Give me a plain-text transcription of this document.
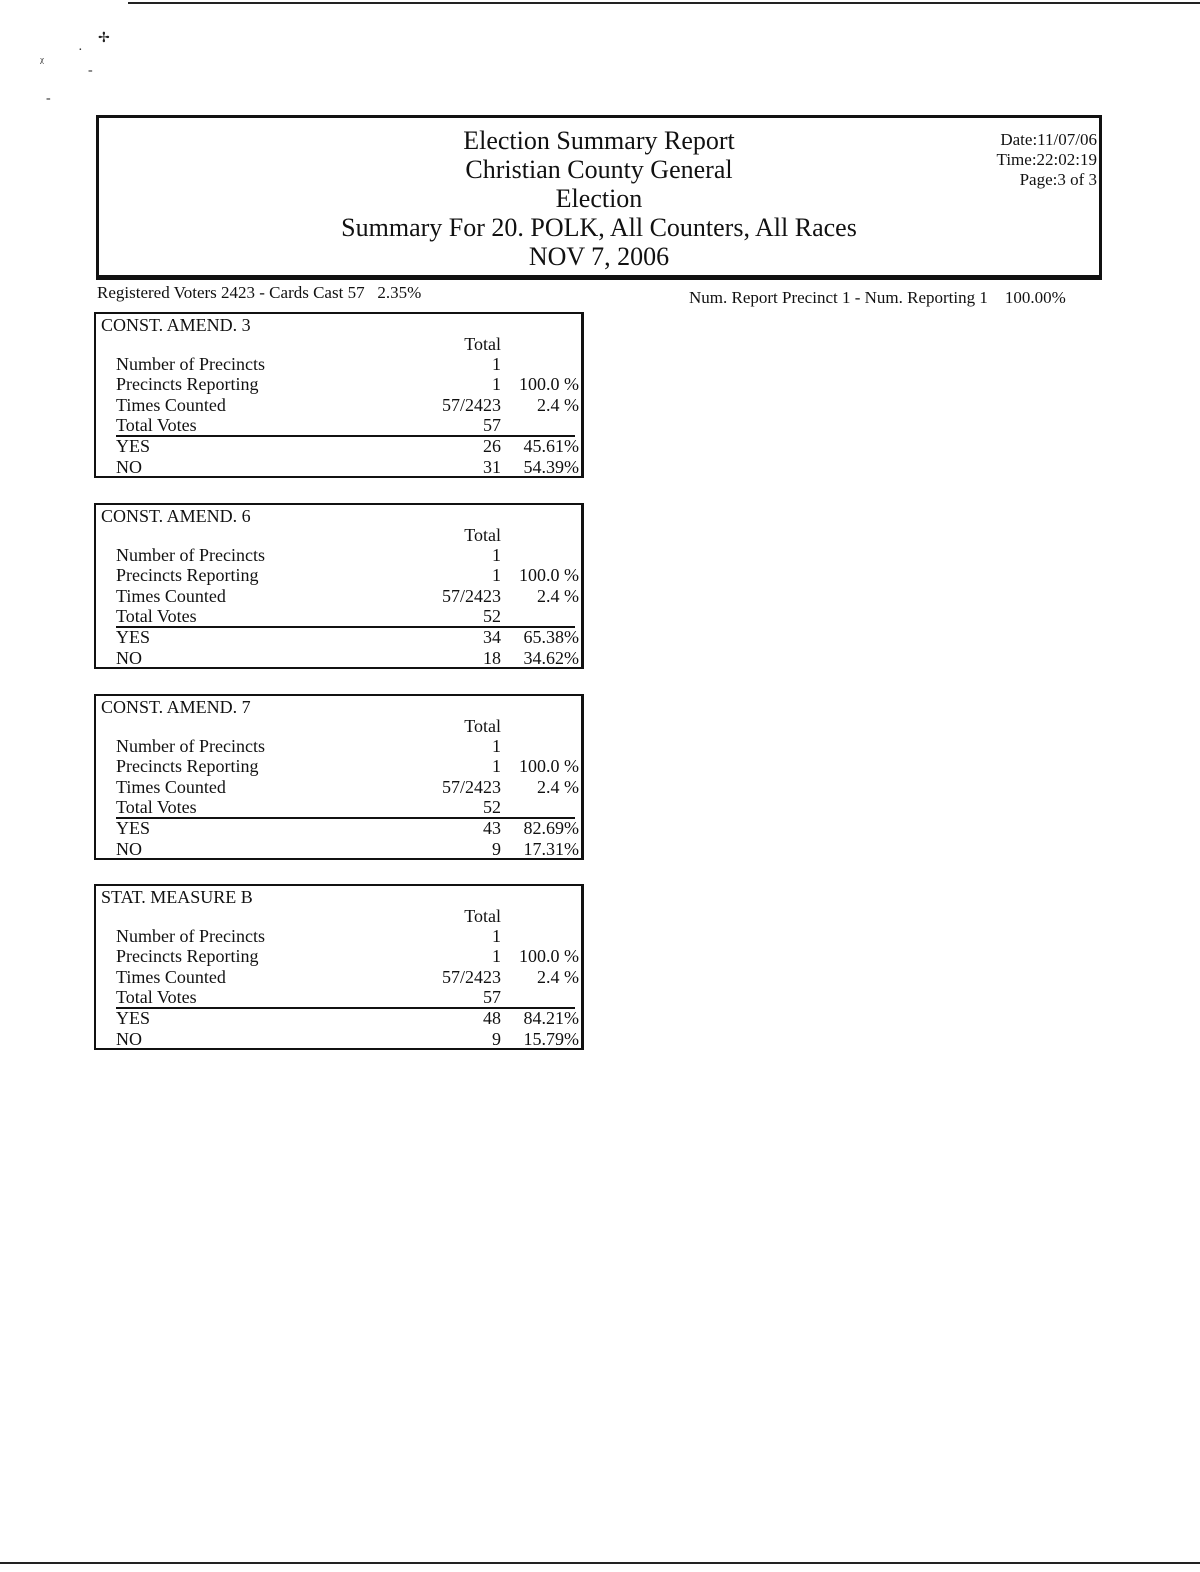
✢
ᵡ
·
‐
-
Election Summary Report
Christian County General
Election
Summary For 20. POLK, All Counters, All Races
NOV 7, 2006
Date:11/07/06
Time:22:02:19
Page:3 of 3
Registered Voters 2423 - Cards Cast 57   2.35%	Num. Report Precinct 1 - Num. Reporting 1    100.00%
CONST. AMEND. 3
Total
Number of Precincts	1
Precincts Reporting	1 100.0 %
Times Counted	57/2423 2.4 %
Total Votes	57
YES	26 45.61%
NO	31 54.39%
CONST. AMEND. 6
Total
Number of Precincts	1
Precincts Reporting	1 100.0 %
Times Counted	57/2423 2.4 %
Total Votes	52
YES	34 65.38%
NO	18 34.62%
CONST. AMEND. 7
Total
Number of Precincts	1
Precincts Reporting	1 100.0 %
Times Counted	57/2423 2.4 %
Total Votes	52
YES	43 82.69%
NO	9 17.31%
STAT. MEASURE B
Total
Number of Precincts	1
Precincts Reporting	1 100.0 %
Times Counted	57/2423 2.4 %
Total Votes	57
YES	48 84.21%
NO	9 15.79%
